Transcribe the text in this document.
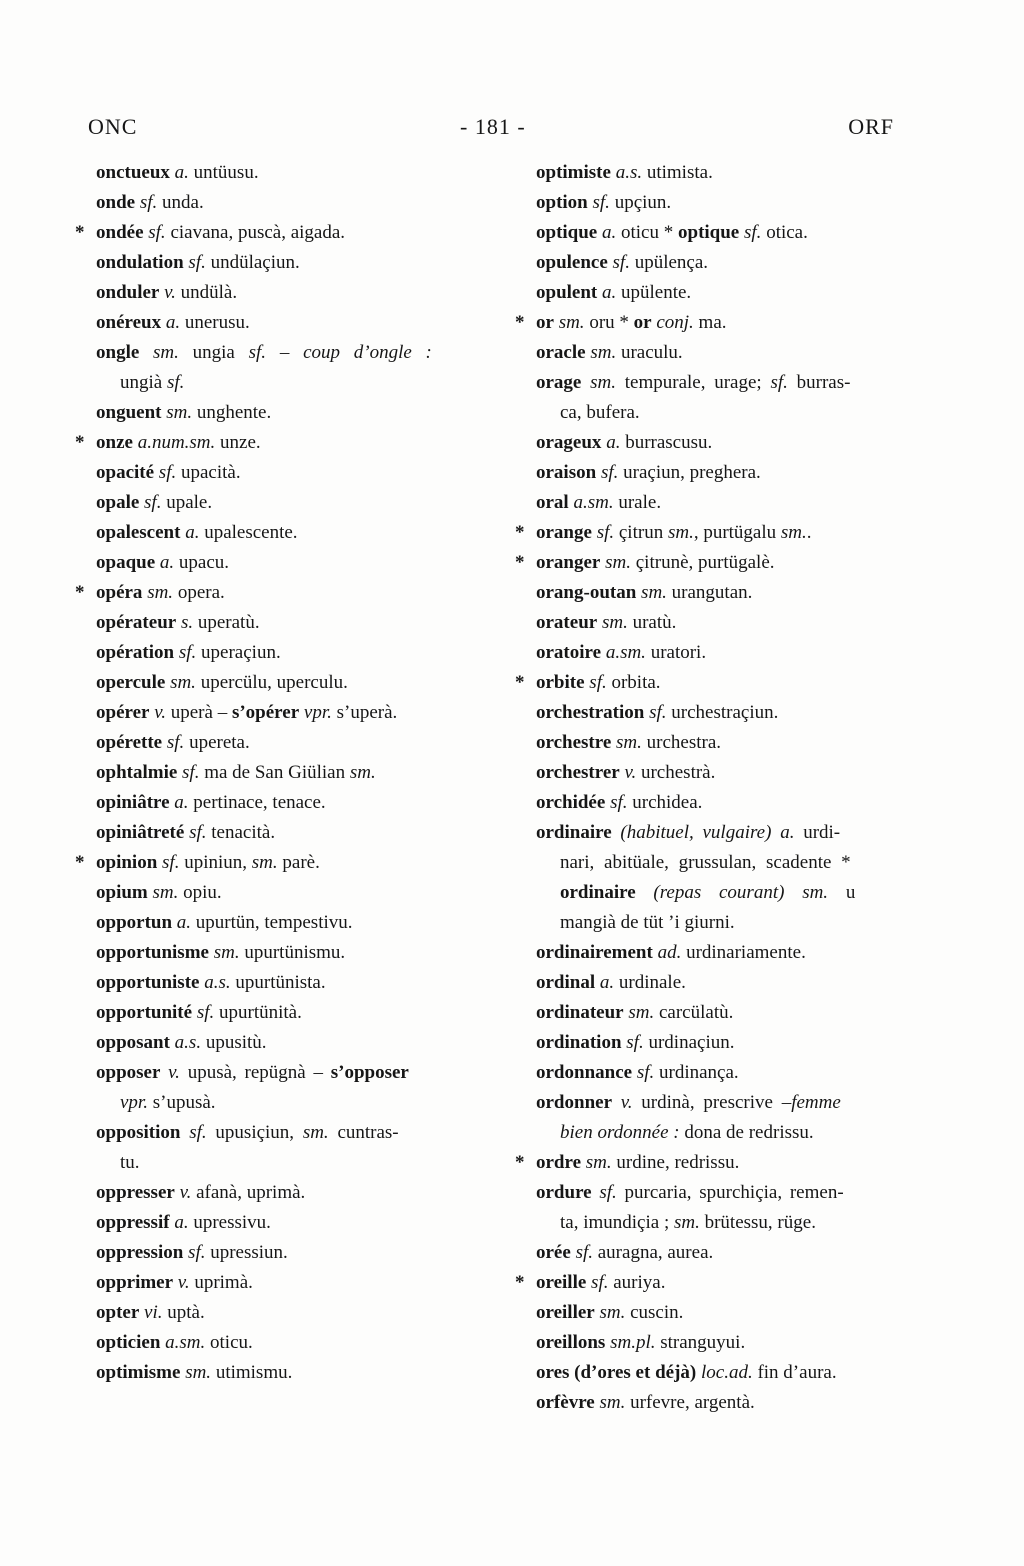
ONC	- 181 -	ORF
onctueux a. untüusu.
onde sf. unda.
* ondée sf. ciavana, puscà, aigada.
ondulation sf. undülaçiun.
onduler v. undülà.
onéreux a. unerusu.
ongle sm. ungia sf. – coup d’ongle :
ungià sf.
onguent sm. unghente.
* onze a.num.sm. unze.
opacité sf. upacità.
opale sf. upale.
opalescent a. upalescente.
opaque a. upacu.
* opéra sm. opera.
opérateur s. uperatù.
opération sf. uperaçiun.
opercule sm. upercülu, uperculu.
opérer v. uperà – s’opérer vpr. s’uperà.
opérette sf. upereta.
ophtalmie sf. ma de San Giülian sm.
opiniâtre a. pertinace, tenace.
opiniâtreté sf. tenacità.
* opinion sf. upiniun, sm. parè.
opium sm. opiu.
opportun a. upurtün, tempestivu.
opportunisme sm. upurtünismu.
opportuniste a.s. upurtünista.
opportunité sf. upurtünità.
opposant a.s. upusitù.
opposer v. upusà, repügnà – s’opposer
vpr. s’upusà.
opposition sf. upusiçiun, sm. cuntras-
tu.
oppresser v. afanà, uprimà.
oppressif a. upressivu.
oppression sf. upressiun.
opprimer v. uprimà.
opter vi. uptà.
opticien a.sm. oticu.
optimisme sm. utimismu.
optimiste a.s. utimista.
option sf. upçiun.
optique a. oticu * optique sf. otica.
opulence sf. upülença.
opulent a. upülente.
* or sm. oru * or conj. ma.
oracle sm. uraculu.
orage sm. tempurale, urage; sf. burras-
ca, bufera.
orageux a. burrascusu.
oraison sf. uraçiun, preghera.
oral a.sm. urale.
* orange sf. çitrun sm., purtügalu sm..
* oranger sm. çitrunè, purtügalè.
orang-outan sm. urangutan.
orateur sm. uratù.
oratoire a.sm. uratori.
* orbite sf. orbita.
orchestration sf. urchestraçiun.
orchestre sm. urchestra.
orchestrer v. urchestrà.
orchidée sf. urchidea.
ordinaire (habituel, vulgaire) a. urdi-
nari, abitüale, grussulan, scadente *
ordinaire (repas courant) sm. u
mangià de tüt ’i giurni.
ordinairement ad. urdinariamente.
ordinal a. urdinale.
ordinateur sm. carcülatù.
ordination sf. urdinaçiun.
ordonnance sf. urdinança.
ordonner v. urdinà, prescrive –femme
bien ordonnée : dona de redrissu.
* ordre sm. urdine, redrissu.
ordure sf. purcaria, spurchiçia, remen-
ta, imundiçia ; sm. brütessu, rüge.
orée sf. auragna, aurea.
* oreille sf. auriya.
oreiller sm. cuscin.
oreillons sm.pl. stranguyui.
ores (d’ores et déjà) loc.ad. fin d’aura.
orfèvre sm. urfevre, argentà.
